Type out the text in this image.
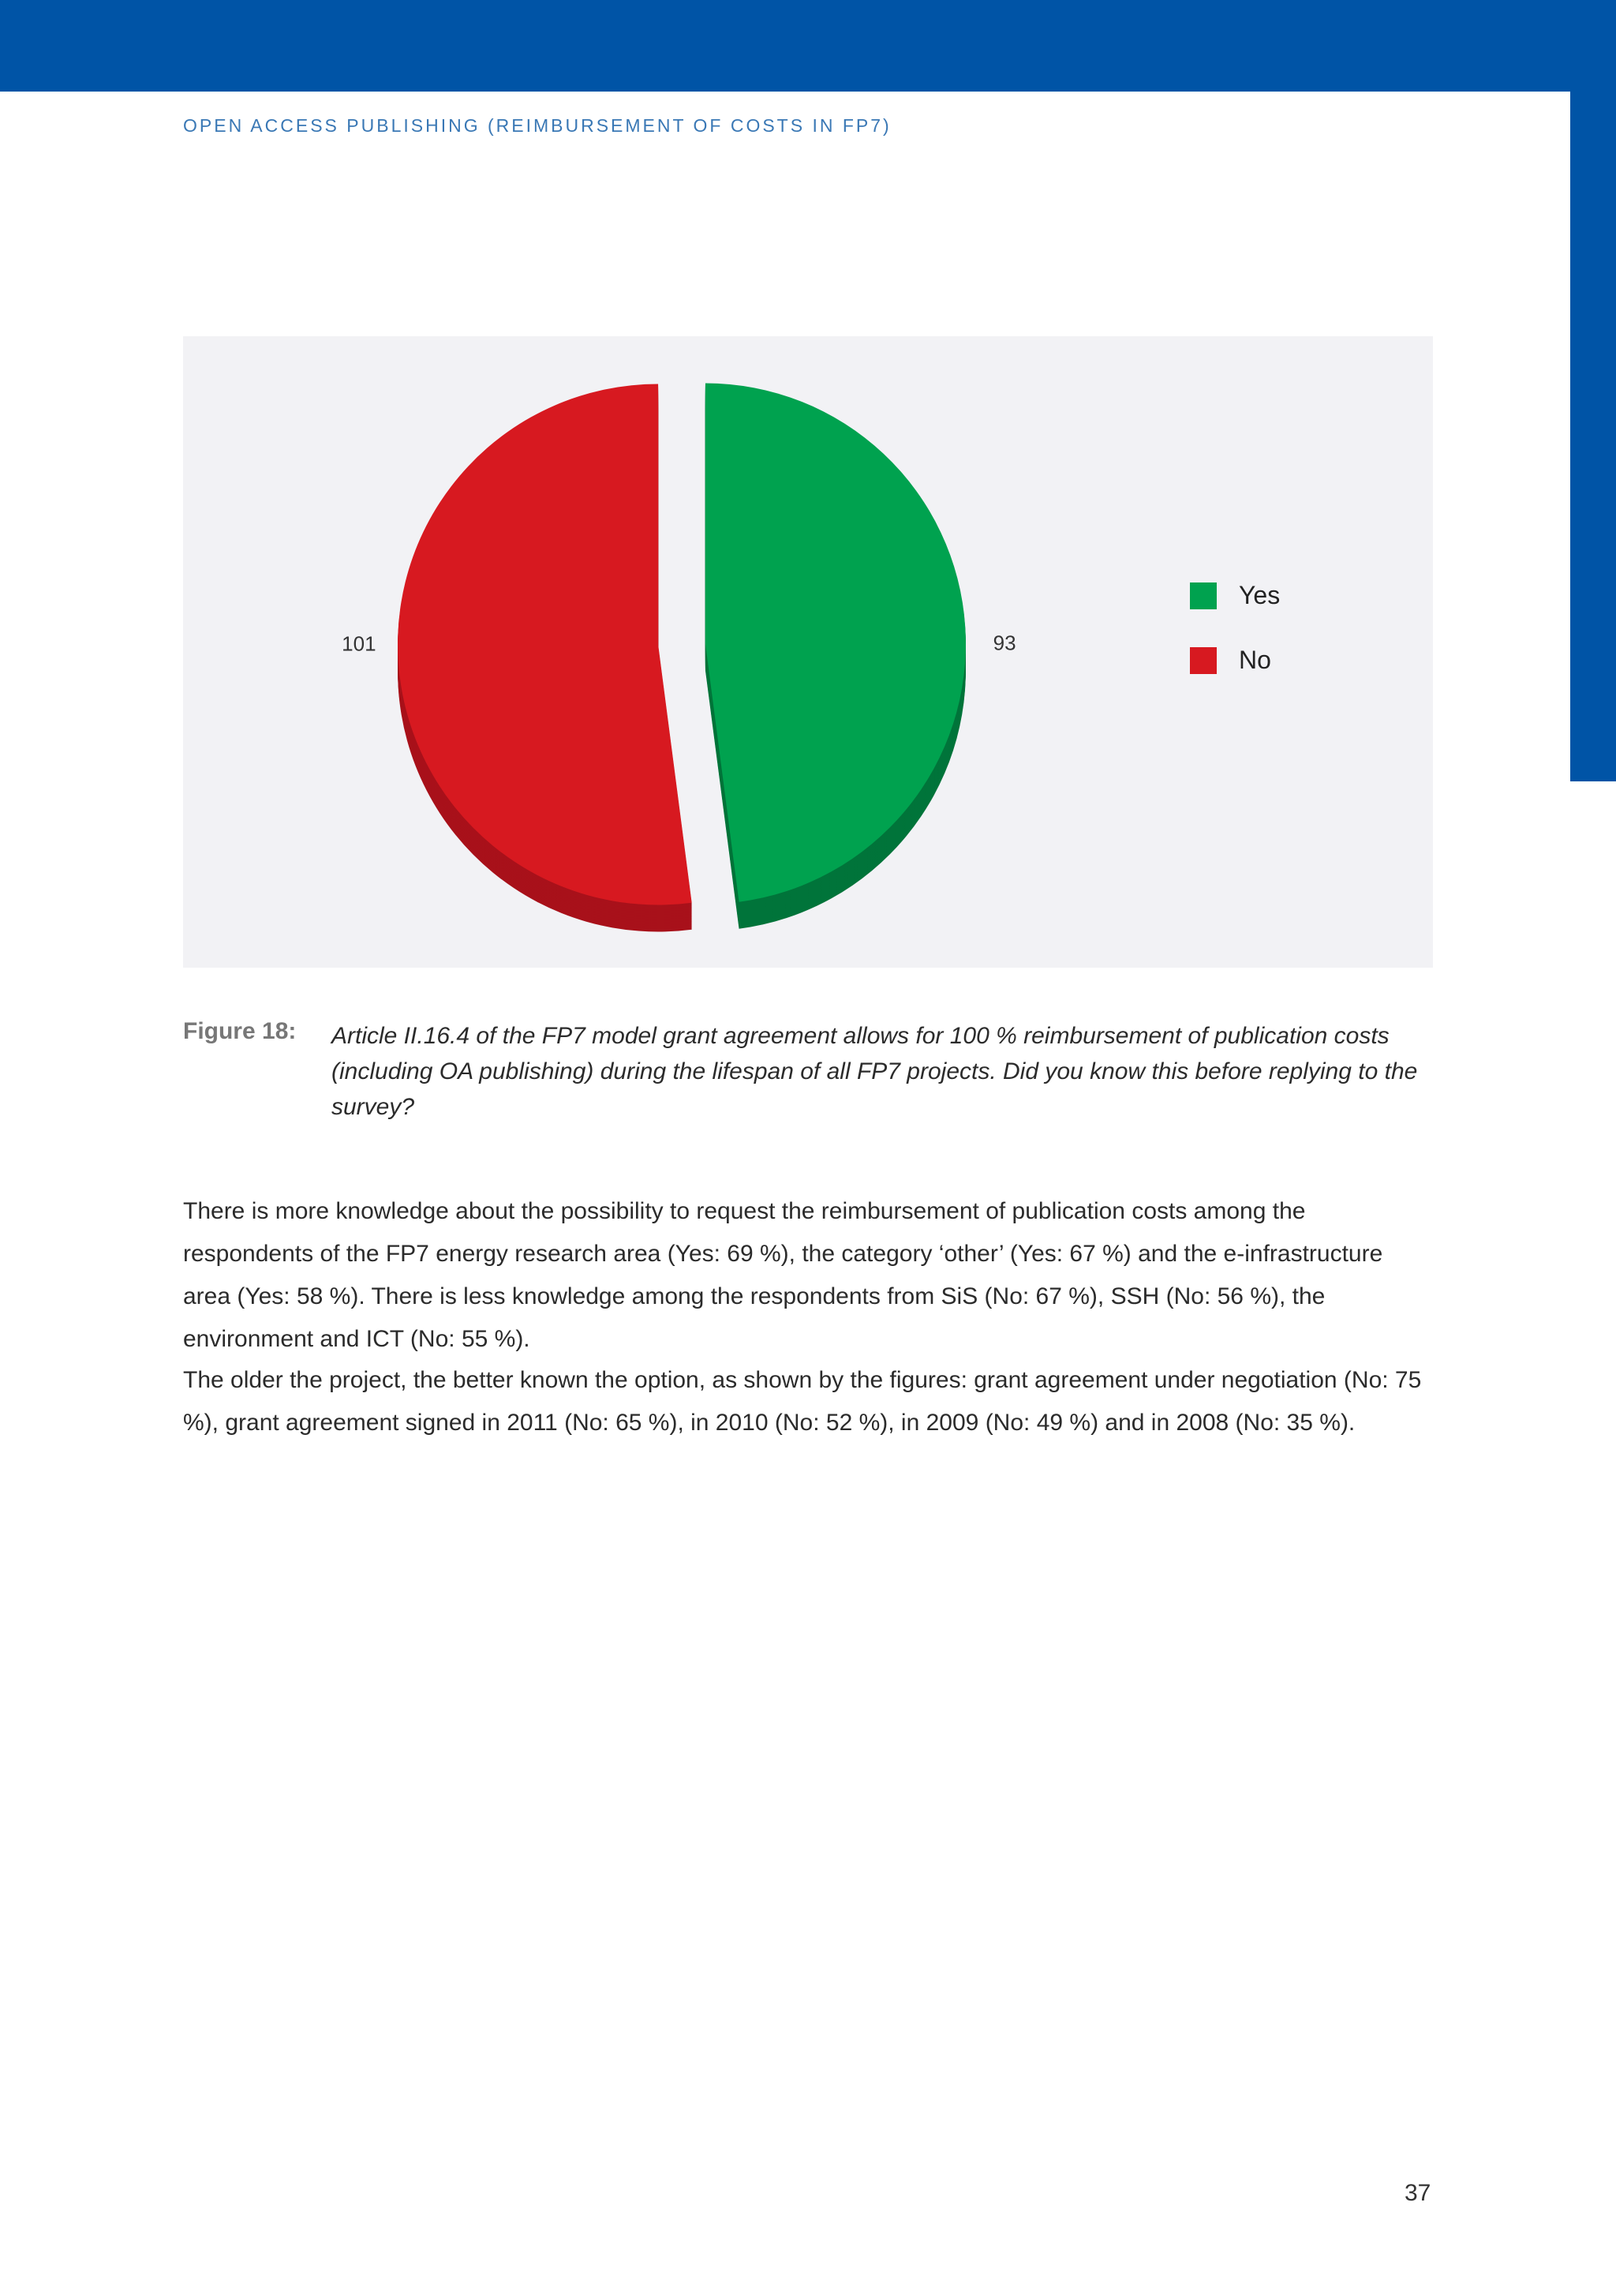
OPEN ACCESS PUBLISHING (REIMBURSEMENT OF COSTS IN FP7)
93
101
Yes
No
Figure 18: Article II.16.4 of the FP7 model grant agreement allows for 100 % reimbursement of publication costs (including OA publishing) during the lifespan of all FP7 projects. Did you know this before replying to the survey?
There is more knowledge about the possibility to request the reimbursement of publication costs among the respondents of the FP7 energy research area (Yes: 69 %), the category ‘other’ (Yes: 67 %) and the e-infrastructure area (Yes: 58 %). There is less knowledge among the respondents from SiS (No: 67 %), SSH (No: 56 %), the environment and ICT (No: 55 %).
The older the project, the better known the option, as shown by the figures: grant agreement under negotiation (No: 75 %), grant agreement signed in 2011 (No: 65 %), in 2010 (No: 52 %), in 2009 (No: 49 %) and in 2008 (No: 35 %).
37
